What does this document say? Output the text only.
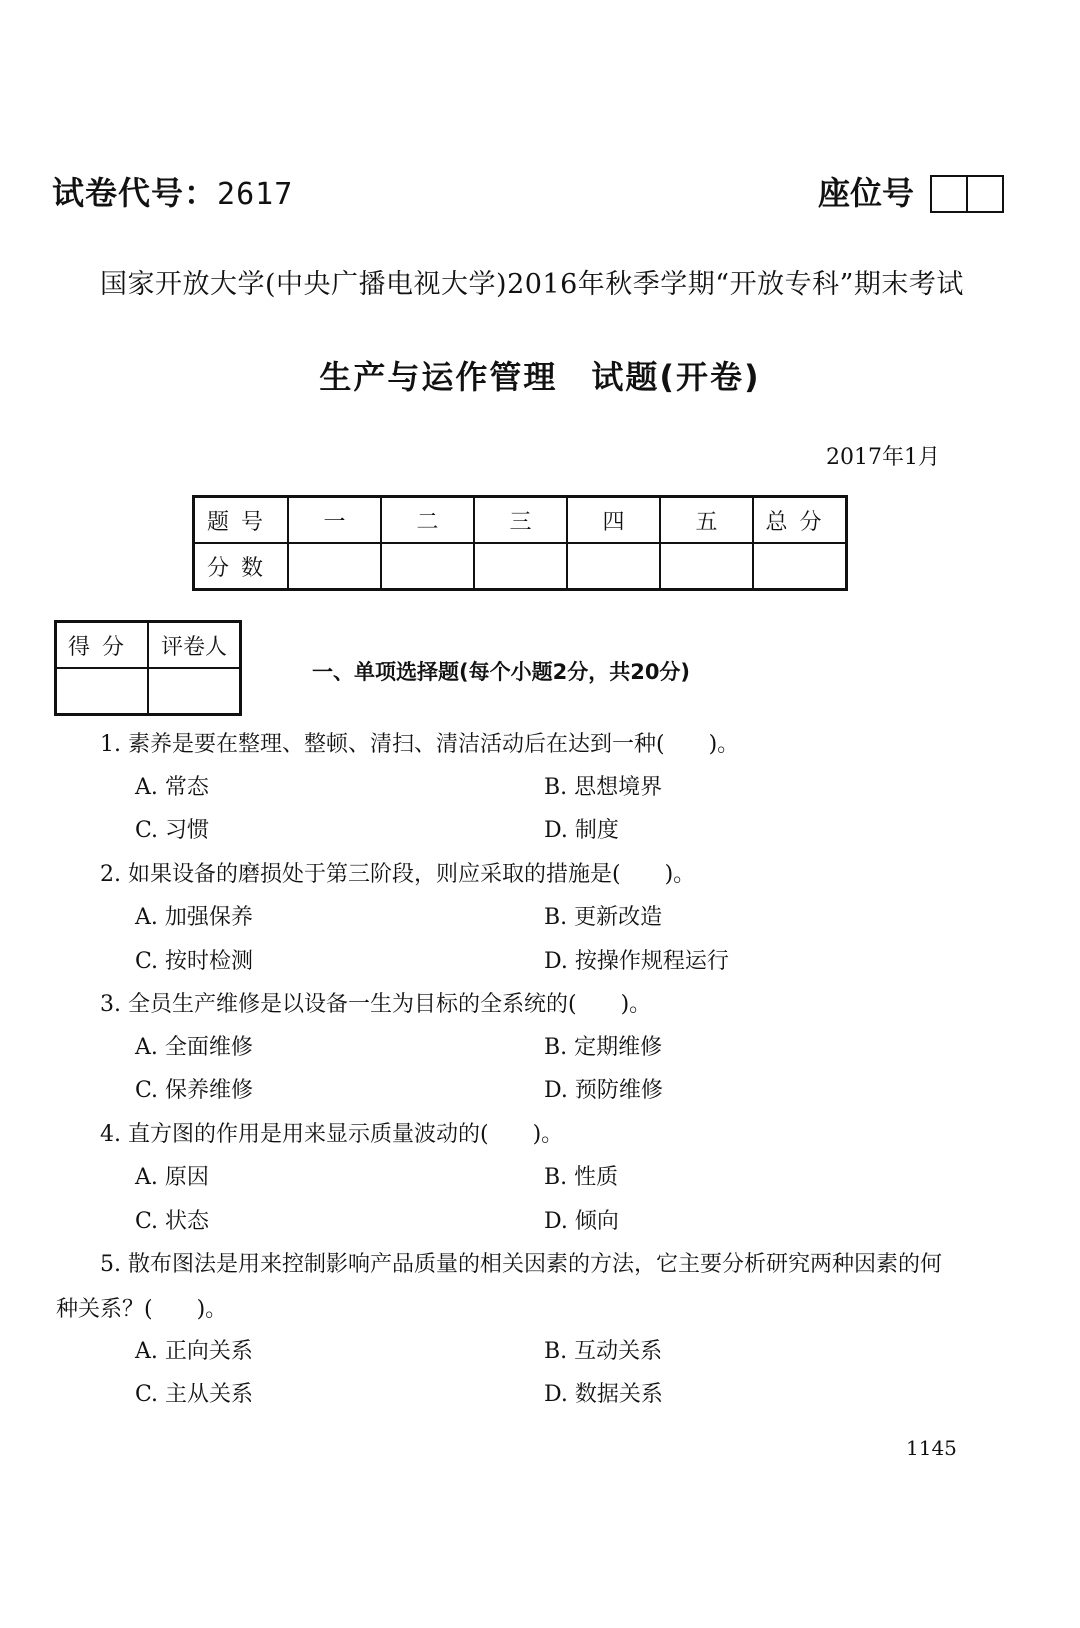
试卷代号：2617	座位号
国家开放大学(中央广播电视大学)2016年秋季学期“开放专科”期末考试
生产与运作管理　试题(开卷)
2017年1月
题号	一	二	三	四	五	总分
分数						
得分	评卷人

一、单项选择题(每个小题2分，共20分)
1. 素养是要在整理、整顿、清扫、清洁活动后在达到一种(　　)。
A. 常态	B. 思想境界
C. 习惯	D. 制度
2. 如果设备的磨损处于第三阶段，则应采取的措施是(　　)。
A. 加强保养	B. 更新改造
C. 按时检测	D. 按操作规程运行
3. 全员生产维修是以设备一生为目标的全系统的(　　)。
A. 全面维修	B. 定期维修
C. 保养维修	D. 预防维修
4. 直方图的作用是用来显示质量波动的(　　)。
A. 原因	B. 性质
C. 状态	D. 倾向
5. 散布图法是用来控制影响产品质量的相关因素的方法，它主要分析研究两种因素的何
种关系？(　　)。
A. 正向关系	B. 互动关系
C. 主从关系	D. 数据关系
1145
